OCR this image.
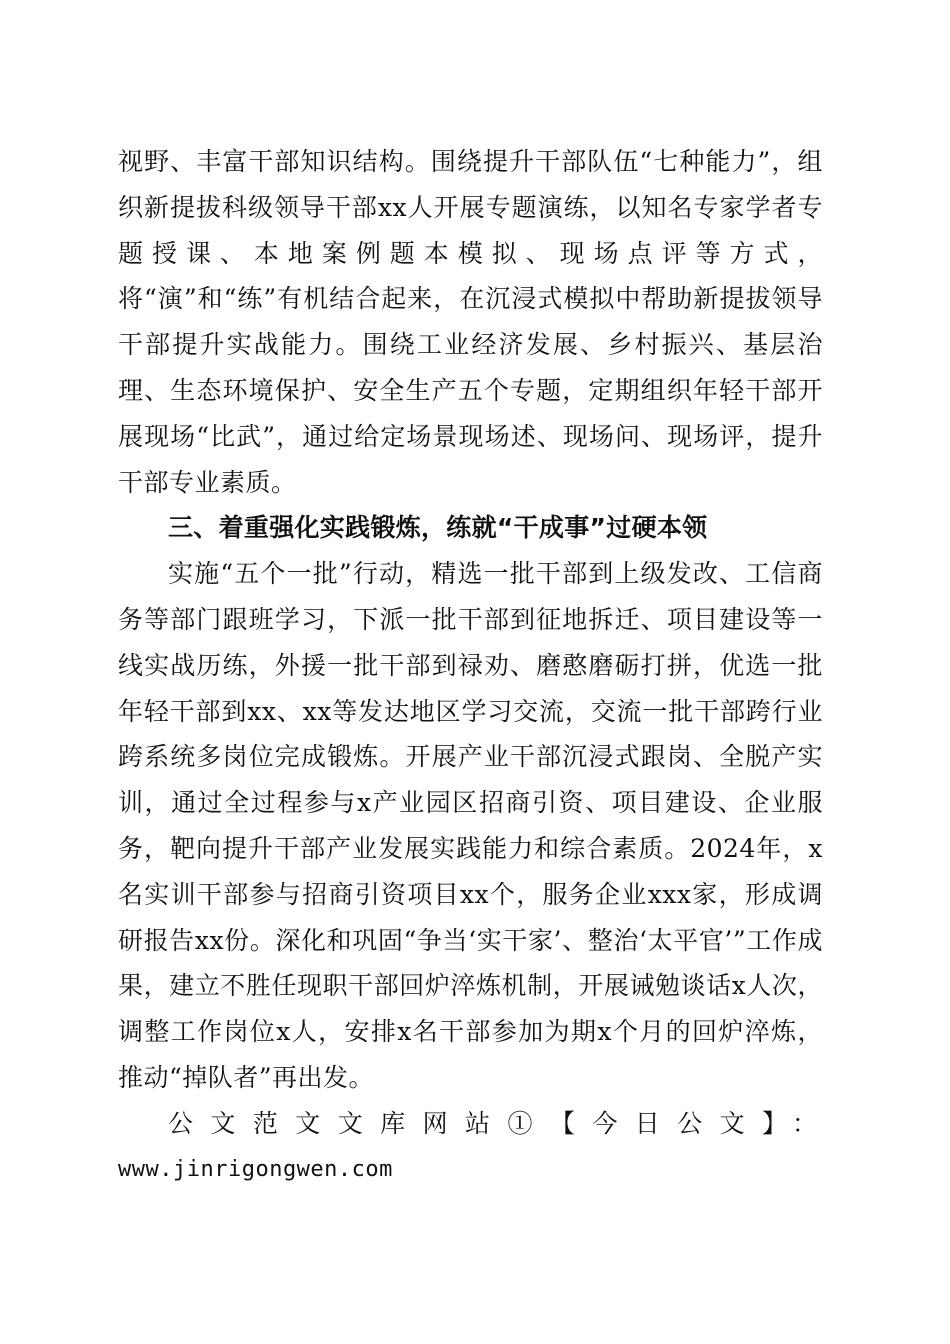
视野、丰富干部知识结构。围绕提升干部队伍“七种能力”，组织新提拔科级领导干部xx人开展专题演练，以知名专家学者专题授课、本地案例题本模拟、现场点评等方式，将“演”和“练”有机结合起来，在沉浸式模拟中帮助新提拔领导干部提升实战能力。围绕工业经济发展、乡村振兴、基层治理、生态环境保护、安全生产五个专题，定期组织年轻干部开展现场“比武”，通过给定场景现场述、现场问、现场评，提升干部专业素质。

三、着重强化实践锻炼，练就“干成事”过硬本领

实施“五个一批”行动，精选一批干部到上级发改、工信商务等部门跟班学习，下派一批干部到征地拆迁、项目建设等一线实战历练，外援一批干部到禄劝、磨憨磨砺打拼，优选一批年轻干部到xx、xx等发达地区学习交流，交流一批干部跨行业跨系统多岗位完成锻炼。开展产业干部沉浸式跟岗、全脱产实训，通过全过程参与x产业园区招商引资、项目建设、企业服务，靶向提升干部产业发展实践能力和综合素质。2024年，x名实训干部参与招商引资项目xx个，服务企业xxx家，形成调研报告xx份。深化和巩固“争当‘实干家’、整治‘太平官’”工作成果，建立不胜任现职干部回炉淬炼机制，开展诫勉谈话x人次，调整工作岗位x人，安排x名干部参加为期x个月的回炉淬炼，推动“掉队者”再出发。

公文范文文库网站①【今日公文】：

www.jinrigongwen.com
